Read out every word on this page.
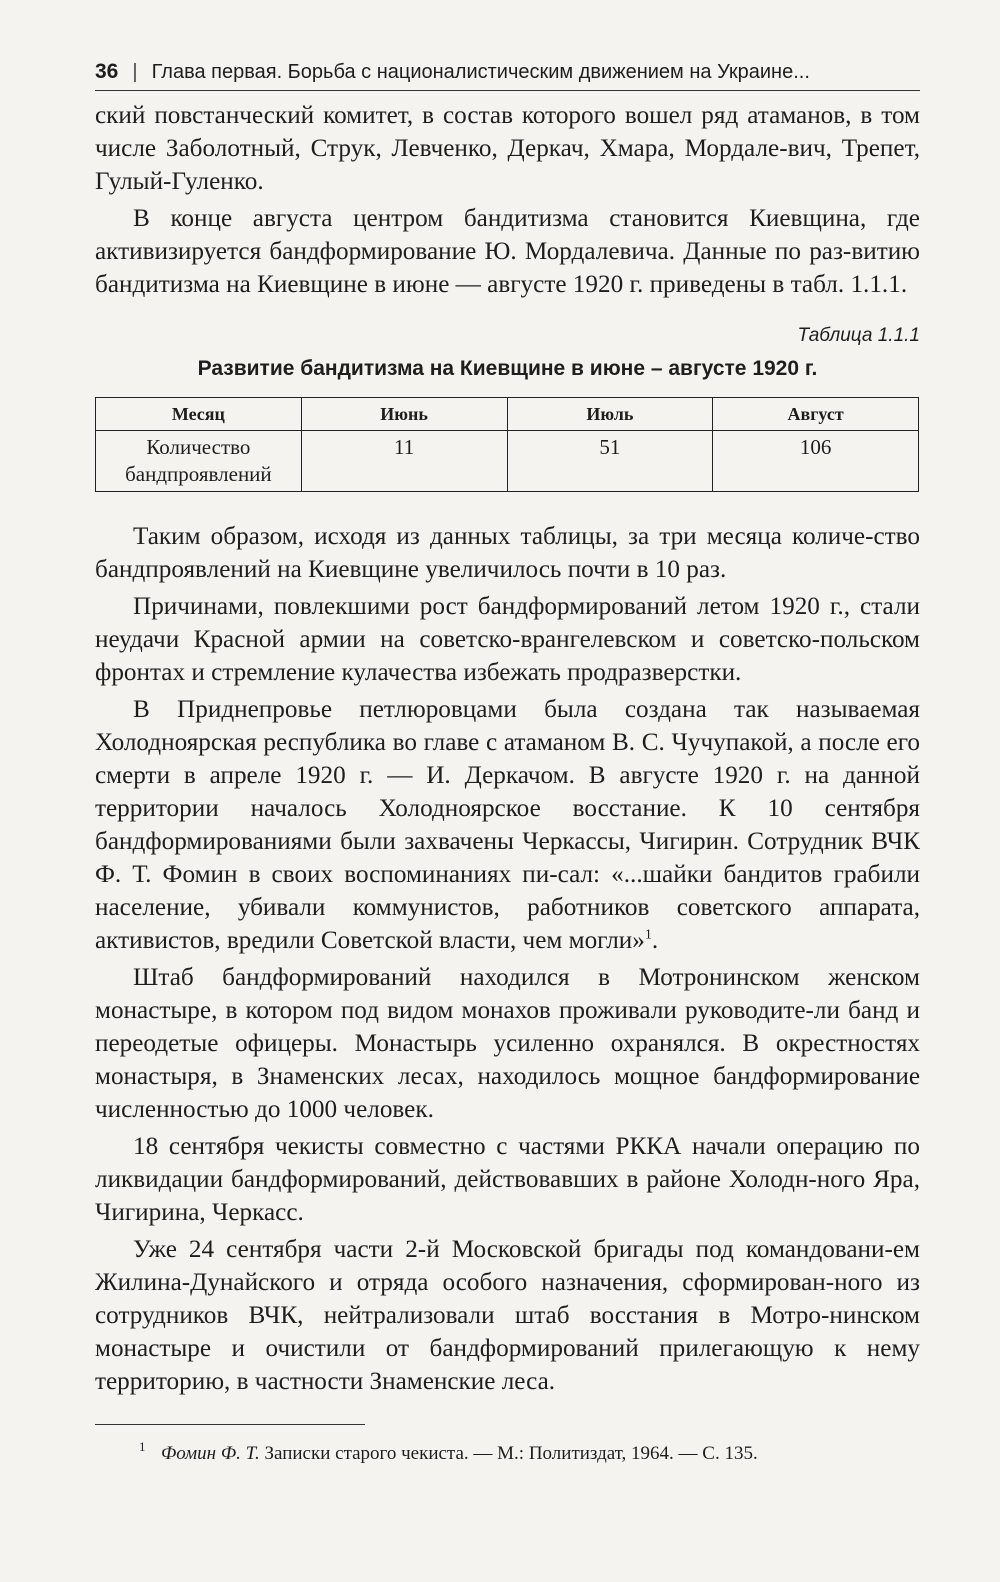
36 | Глава первая. Борьба с националистическим движением на Украине...

ский повстанческий комитет, в состав которого вошел ряд атаманов, в том числе Заболотный, Струк, Левченко, Деркач, Хмара, Мордале-вич, Трепет, Гулый-Гуленко.

В конце августа центром бандитизма становится Киевщина, где активизируется бандформирование Ю. Мордалевича. Данные по раз-витию бандитизма на Киевщине в июне — августе 1920 г. приведены в табл. 1.1.1.

Таблица 1.1.1
Развитие бандитизма на Киевщине в июне – августе 1920 г.
Месяц	Июнь	Июль	Август
Количество бандпроявлений	11	51	106

Таким образом, исходя из данных таблицы, за три месяца количе-ство бандпроявлений на Киевщине увеличилось почти в 10 раз.

Причинами, повлекшими рост бандформирований летом 1920 г., стали неудачи Красной армии на советско-врангелевском и советско-польском фронтах и стремление кулачества избежать продразверстки.

В Приднепровье петлюровцами была создана так называемая Холодноярская республика во главе с атаманом В. С. Чучупакой, а после его смерти в апреле 1920 г. — И. Деркачом. В августе 1920 г. на данной территории началось Холодноярское восстание. К 10 сентября бандформированиями были захвачены Черкассы, Чигирин. Сотрудник ВЧК Ф. Т. Фомин в своих воспоминаниях пи-сал: «...шайки бандитов грабили население, убивали коммунистов, работников советского аппарата, активистов, вредили Советской власти, чем могли»$^1$.

Штаб бандформирований находился в Мотронинском женском монастыре, в котором под видом монахов проживали руководите-ли банд и переодетые офицеры. Монастырь усиленно охранялся. В окрестностях монастыря, в Знаменских лесах, находилось мощное бандформирование численностью до 1000 человек.

18 сентября чекисты совместно с частями РККА начали операцию по ликвидации бандформирований, действовавших в районе Холодн-ного Яра, Чигирина, Черкасс.

Уже 24 сентября части 2-й Московской бригады под командовани-ем Жилина-Дунайского и отряда особого назначения, сформирован-ного из сотрудников ВЧК, нейтрализовали штаб восстания в Мотро-нинском монастыре и очистили от бандформирований прилегающую к нему территорию, в частности Знаменские леса.

1 Фомин Ф. Т. Записки старого чекиста. — М.: Политиздат, 1964. — С. 135.
